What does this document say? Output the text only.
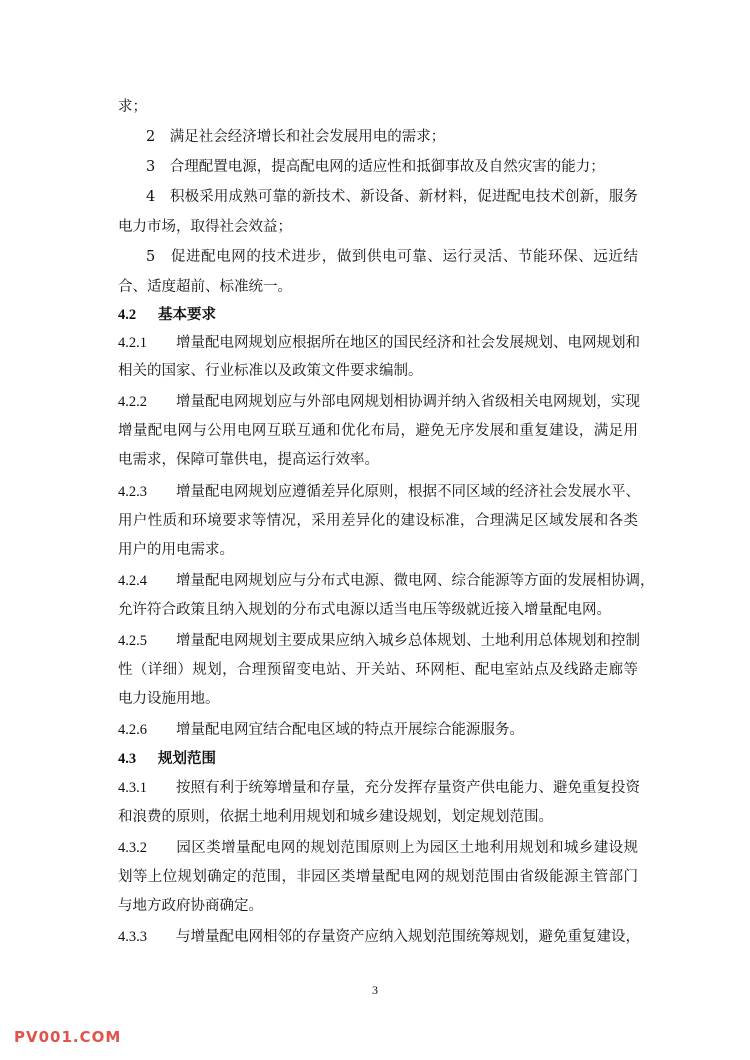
求；
2　满足社会经济增长和社会发展用电的需求；
3　合理配置电源，提高配电网的适应性和抵御事故及自然灾害的能力；
4　积极采用成熟可靠的新技术、新设备、新材料，促进配电技术创新，服务
电力市场，取得社会效益；
5　促进配电网的技术进步，做到供电可靠、运行灵活、节能环保、远近结
合、适度超前、标准统一。
4.2 基本要求
4.2.1 增量配电网规划应根据所在地区的国民经济和社会发展规划、电网规划和
相关的国家、行业标准以及政策文件要求编制。
4.2.2 增量配电网规划应与外部电网规划相协调并纳入省级相关电网规划，实现
增量配电网与公用电网互联互通和优化布局，避免无序发展和重复建设，满足用
电需求，保障可靠供电，提高运行效率。
4.2.3 增量配电网规划应遵循差异化原则，根据不同区域的经济社会发展水平、
用户性质和环境要求等情况，采用差异化的建设标准，合理满足区域发展和各类
用户的用电需求。
4.2.4 增量配电网规划应与分布式电源、微电网、综合能源等方面的发展相协调，
允许符合政策且纳入规划的分布式电源以适当电压等级就近接入增量配电网。
4.2.5 增量配电网规划主要成果应纳入城乡总体规划、土地利用总体规划和控制
性（详细）规划，合理预留变电站、开关站、环网柜、配电室站点及线路走廊等
电力设施用地。
4.2.6 增量配电网宜结合配电区域的特点开展综合能源服务。
4.3 规划范围
4.3.1 按照有利于统筹增量和存量，充分发挥存量资产供电能力、避免重复投资
和浪费的原则，依据土地利用规划和城乡建设规划，划定规划范围。
4.3.2 园区类增量配电网的规划范围原则上为园区土地利用规划和城乡建设规
划等上位规划确定的范围，非园区类增量配电网的规划范围由省级能源主管部门
与地方政府协商确定。
4.3.3 与增量配电网相邻的存量资产应纳入规划范围统筹规划，避免重复建设，
3
PV001.COM
